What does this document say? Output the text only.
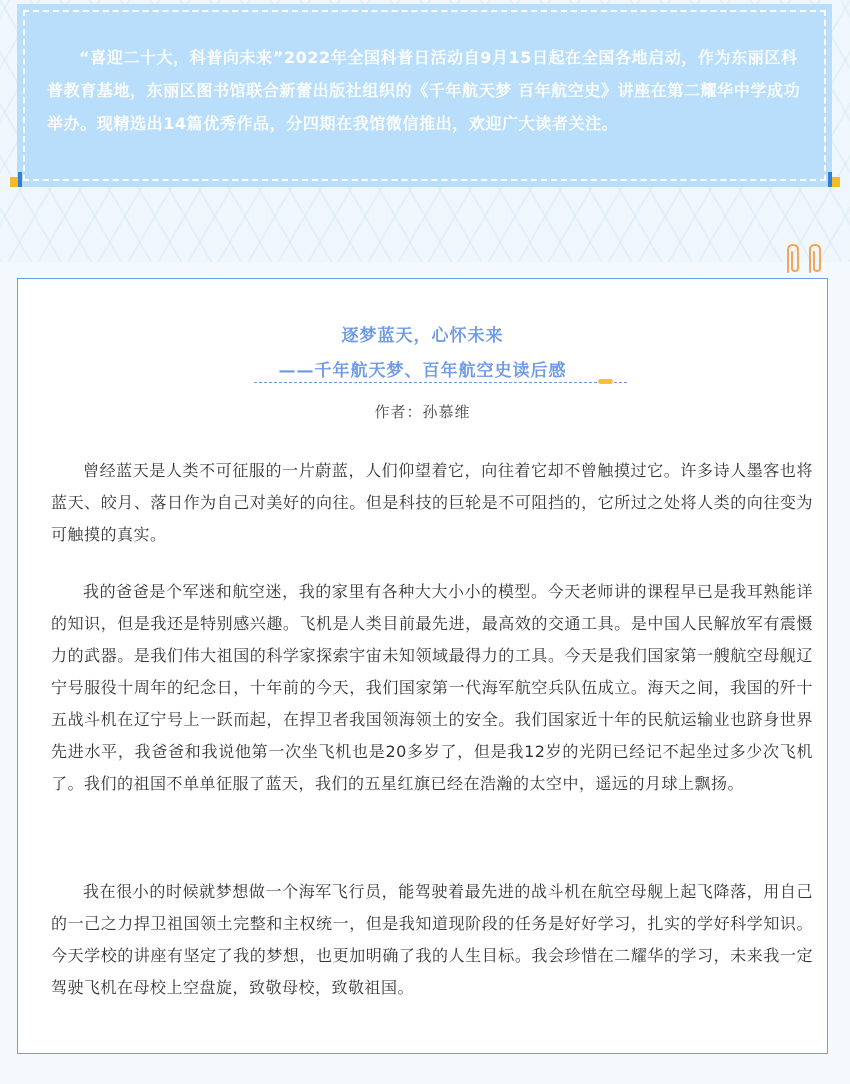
“喜迎二十大，科普向未来”2022年全国科普日活动自9月15日起在全国各地启动，作为东丽区科普教育基地，东丽区图书馆联合新蕾出版社组织的《千年航天梦 百年航空史》讲座在第二耀华中学成功举办。现精选出14篇优秀作品，分四期在我馆微信推出，欢迎广大读者关注。

逐梦蓝天，心怀未来

——千年航天梦、百年航空史读后感

作者：孙慕维

曾经蓝天是人类不可征服的一片蔚蓝，人们仰望着它，向往着它却不曾触摸过它。许多诗人墨客也将蓝天、皎月、落日作为自己对美好的向往。但是科技的巨轮是不可阻挡的，它所过之处将人类的向往变为可触摸的真实。

我的爸爸是个军迷和航空迷，我的家里有各种大大小小的模型。今天老师讲的课程早已是我耳熟能详的知识，但是我还是特别感兴趣。飞机是人类目前最先进，最高效的交通工具。是中国人民解放军有震慑力的武器。是我们伟大祖国的科学家探索宇宙未知领域最得力的工具。今天是我们国家第一艘航空母舰辽宁号服役十周年的纪念日，十年前的今天，我们国家第一代海军航空兵队伍成立。海天之间，我国的歼十五战斗机在辽宁号上一跃而起，在捍卫者我国领海领土的安全。我们国家近十年的民航运输业也跻身世界先进水平，我爸爸和我说他第一次坐飞机也是20多岁了，但是我12岁的光阴已经记不起坐过多少次飞机了。我们的祖国不单单征服了蓝天，我们的五星红旗已经在浩瀚的太空中，遥远的月球上飘扬。

我在很小的时候就梦想做一个海军飞行员，能驾驶着最先进的战斗机在航空母舰上起飞降落，用自己的一己之力捍卫祖国领土完整和主权统一，但是我知道现阶段的任务是好好学习，扎实的学好科学知识。今天学校的讲座有坚定了我的梦想，也更加明确了我的人生目标。我会珍惜在二耀华的学习，未来我一定驾驶飞机在母校上空盘旋，致敬母校，致敬祖国。
